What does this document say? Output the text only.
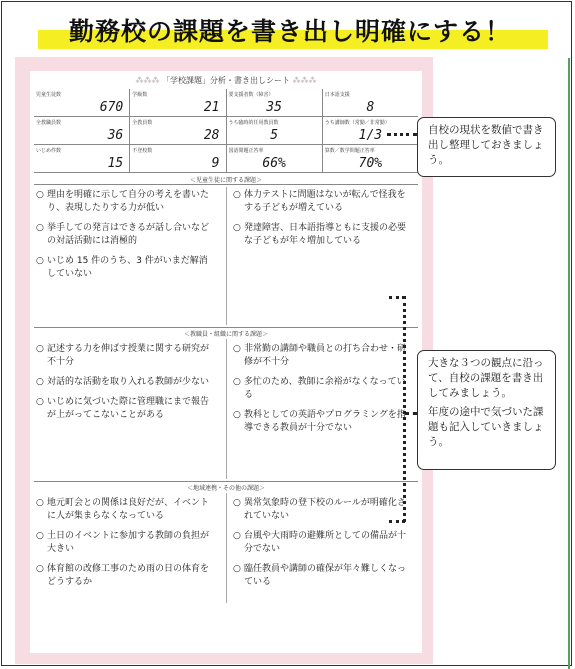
勤務校の課題を書き出し明確にする！
⁂⁂⁂ 「学校課題」分析・書き出しシート ⁂⁂⁂
児童生徒数
670
学級数
21
要支援者数（障害）
35
日本語支援
8
全教職員数
36
全教員数
28
うち臨時的任用教員数
5
うち講師数（常勤／非常勤）
1/3
いじめ件数
15
不登校数
9
国語問題正答率
66%
算数／数学問題正答率
70%
＜児童生徒に関する課題＞
○ 理由を明確に示して自分の考えを書いたり、表現したりする力が低い
○ 挙手しての発言はできるが話し合いなどの対話活動には消極的
○ いじめ 15 件のうち、3 件がいまだ解消していない
○ 体力テストに問題はないが転んで怪我をする子どもが増えている
○ 発達障害、日本語指導ともに支援の必要な子どもが年々増加している
＜教職員・組織に関する課題＞
○ 記述する力を伸ばす授業に関する研究が不十分
○ 対話的な活動を取り入れる教師が少ない
○ いじめに気づいた際に管理職にまで報告が上がってこないことがある
○ 非常勤の講師や職員との打ち合わせ・研修が不十分
○ 多忙のため、教師に余裕がなくなっている
○ 教科としての英語やプログラミングを指導できる教員が十分でない
＜地域連携・その他の課題＞
○ 地元町会との関係は良好だが、イベントに人が集まらなくなっている
○ 土日のイベントに参加する教師の負担が大きい
○ 体育館の改修工事のため雨の日の体育をどうするか
○ 異常気象時の登下校のルールが明確化されていない
○ 台風や大雨時の避難所としての備品が十分でない
○ 臨任教員や講師の確保が年々難しくなっている

自校の現状を数値で書き出し整理しておきましょう。

大きな３つの観点に沿って、自校の課題を書き出してみましょう。

年度の途中で気づいた課題も記入していきましょう。
